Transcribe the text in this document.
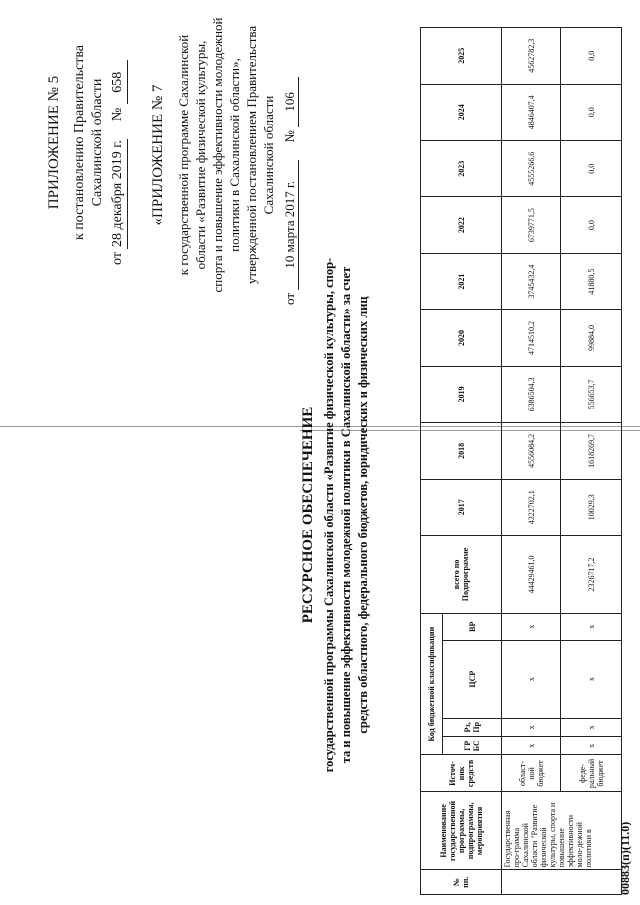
ПРИЛОЖЕНИЕ № 5 к постановлению Правительства Сахалинской области
от 28 декабря 2019 г. № 658
«ПРИЛОЖЕНИЕ № 7 к государственной программе Сахалинской области «Развитие физической культуры, спорта и повышение эффективности молодежной политики в Сахалинской области», утвержденной постановлением Правительства Сахалинской области
от 10 марта 2017 г. № 106
РЕСУРСНОЕ ОБЕСПЕЧЕНИЕ государственной программы Сахалинской области «Развитие физической культуры, спор- та и повышение эффективности молодежной политики в Сахалинской области» за счет средств областного, федерального бюджетов, юридических и физических лиц
№ пп.	Наименование государственной программы, подпрограммы, мероприятия	Источ-ник средств	Код бюджетной классификации				всего по Подпрограмме	2017	2018	2019	2020	2021	2022	2023	2024	2025
			ГР БС	Рз, Пр	ЦСР	ВР										
	Государственная про-грамма Сахалинской области "Развитие физической культуры, спорта и повышение эффективности моло-дежной политики в	област-ной бюджет	х	х	х	х	44429461,0	4322702,1	4556084,2	6386504,3	4714510,2	3745432,4	6739771,5	4555266,6	4846407,4	4562782,3
		феде-ральный бюджет	х	х	х	х	2326717,2	10029,3	1618269,7	556653,7	99884,0	41880,5	0,0	0,0	0,0	0,0
00883(п)(11.0)
